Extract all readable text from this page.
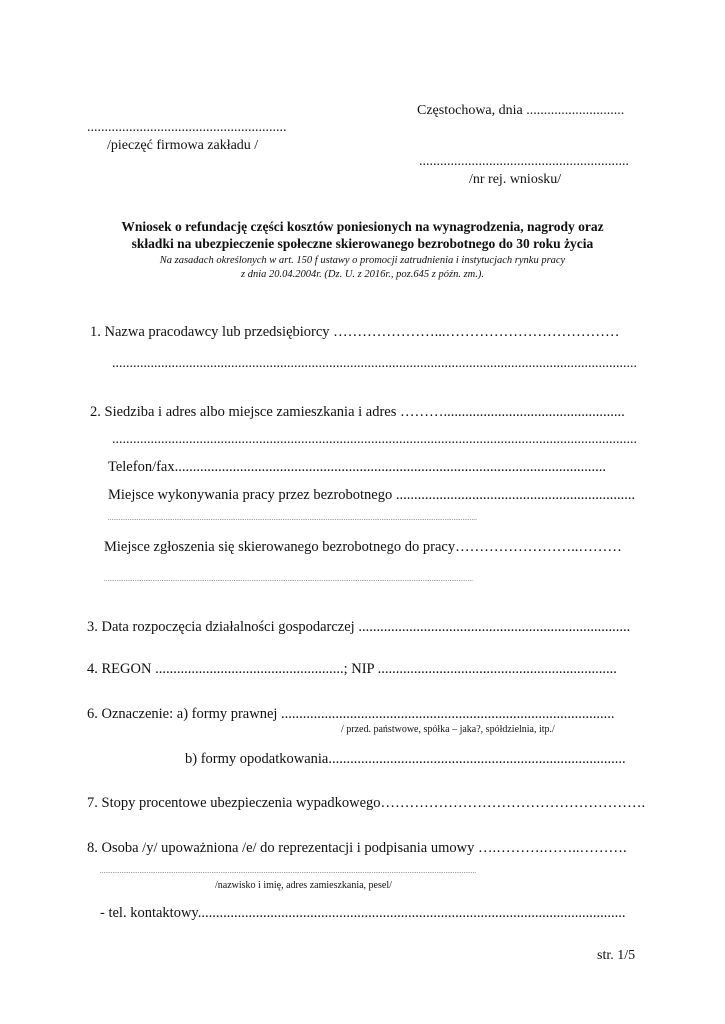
Częstochowa, dnia ............................
.........................................................
/pieczęć firmowa zakładu /
............................................................
/nr rej. wniosku/
Wniosek o refundację części kosztów poniesionych na wynagrodzenia, nagrody oraz
składki na ubezpieczenie społeczne skierowanego bezrobotnego do 30 roku życia
Na zasadach określonych w art. 150 f ustawy o promocji zatrudnienia i instytucjach rynku pracy
z dnia 20.04.2004r. (Dz. U. z 2016r., poz.645 z późn. zm.).
1. Nazwa pracodawcy lub przedsiębiorcy …………………...………………………………
......................................................................................................................................................
2. Siedziba i adres albo miejsce zamieszkania i adres ………..................................................
......................................................................................................................................................
Telefon/fax.......................................................................................................................
Miejsce wykonywania pracy przez bezrobotnego ..................................................................
.............................................................................................................................................................................................................
Miejsce zgłoszenia się skierowanego bezrobotnego do pracy……………………..………
.............................................................................................................................................................................................................
3. Data rozpoczęcia działalności gospodarczej ...........................................................................
4. REGON ....................................................; NIP ..................................................................
6. Oznaczenie: a) formy prawnej ............................................................................................
/ przed. państwowe, spółka – jaka?, spółdzielnia, itp./
b) formy opodatkowania..................................................................................
7. Stopy procentowe ubezpieczenia wypadkowego……………………………………………….
8. Osoba /y/ upoważniona /e/ do reprezentacji i podpisania umowy ….……….……..……….
.................................................................................................................................................................................................................
/nazwisko i imię, adres zamieszkania, pesel/
- tel. kontaktowy......................................................................................................................
str. 1/5
